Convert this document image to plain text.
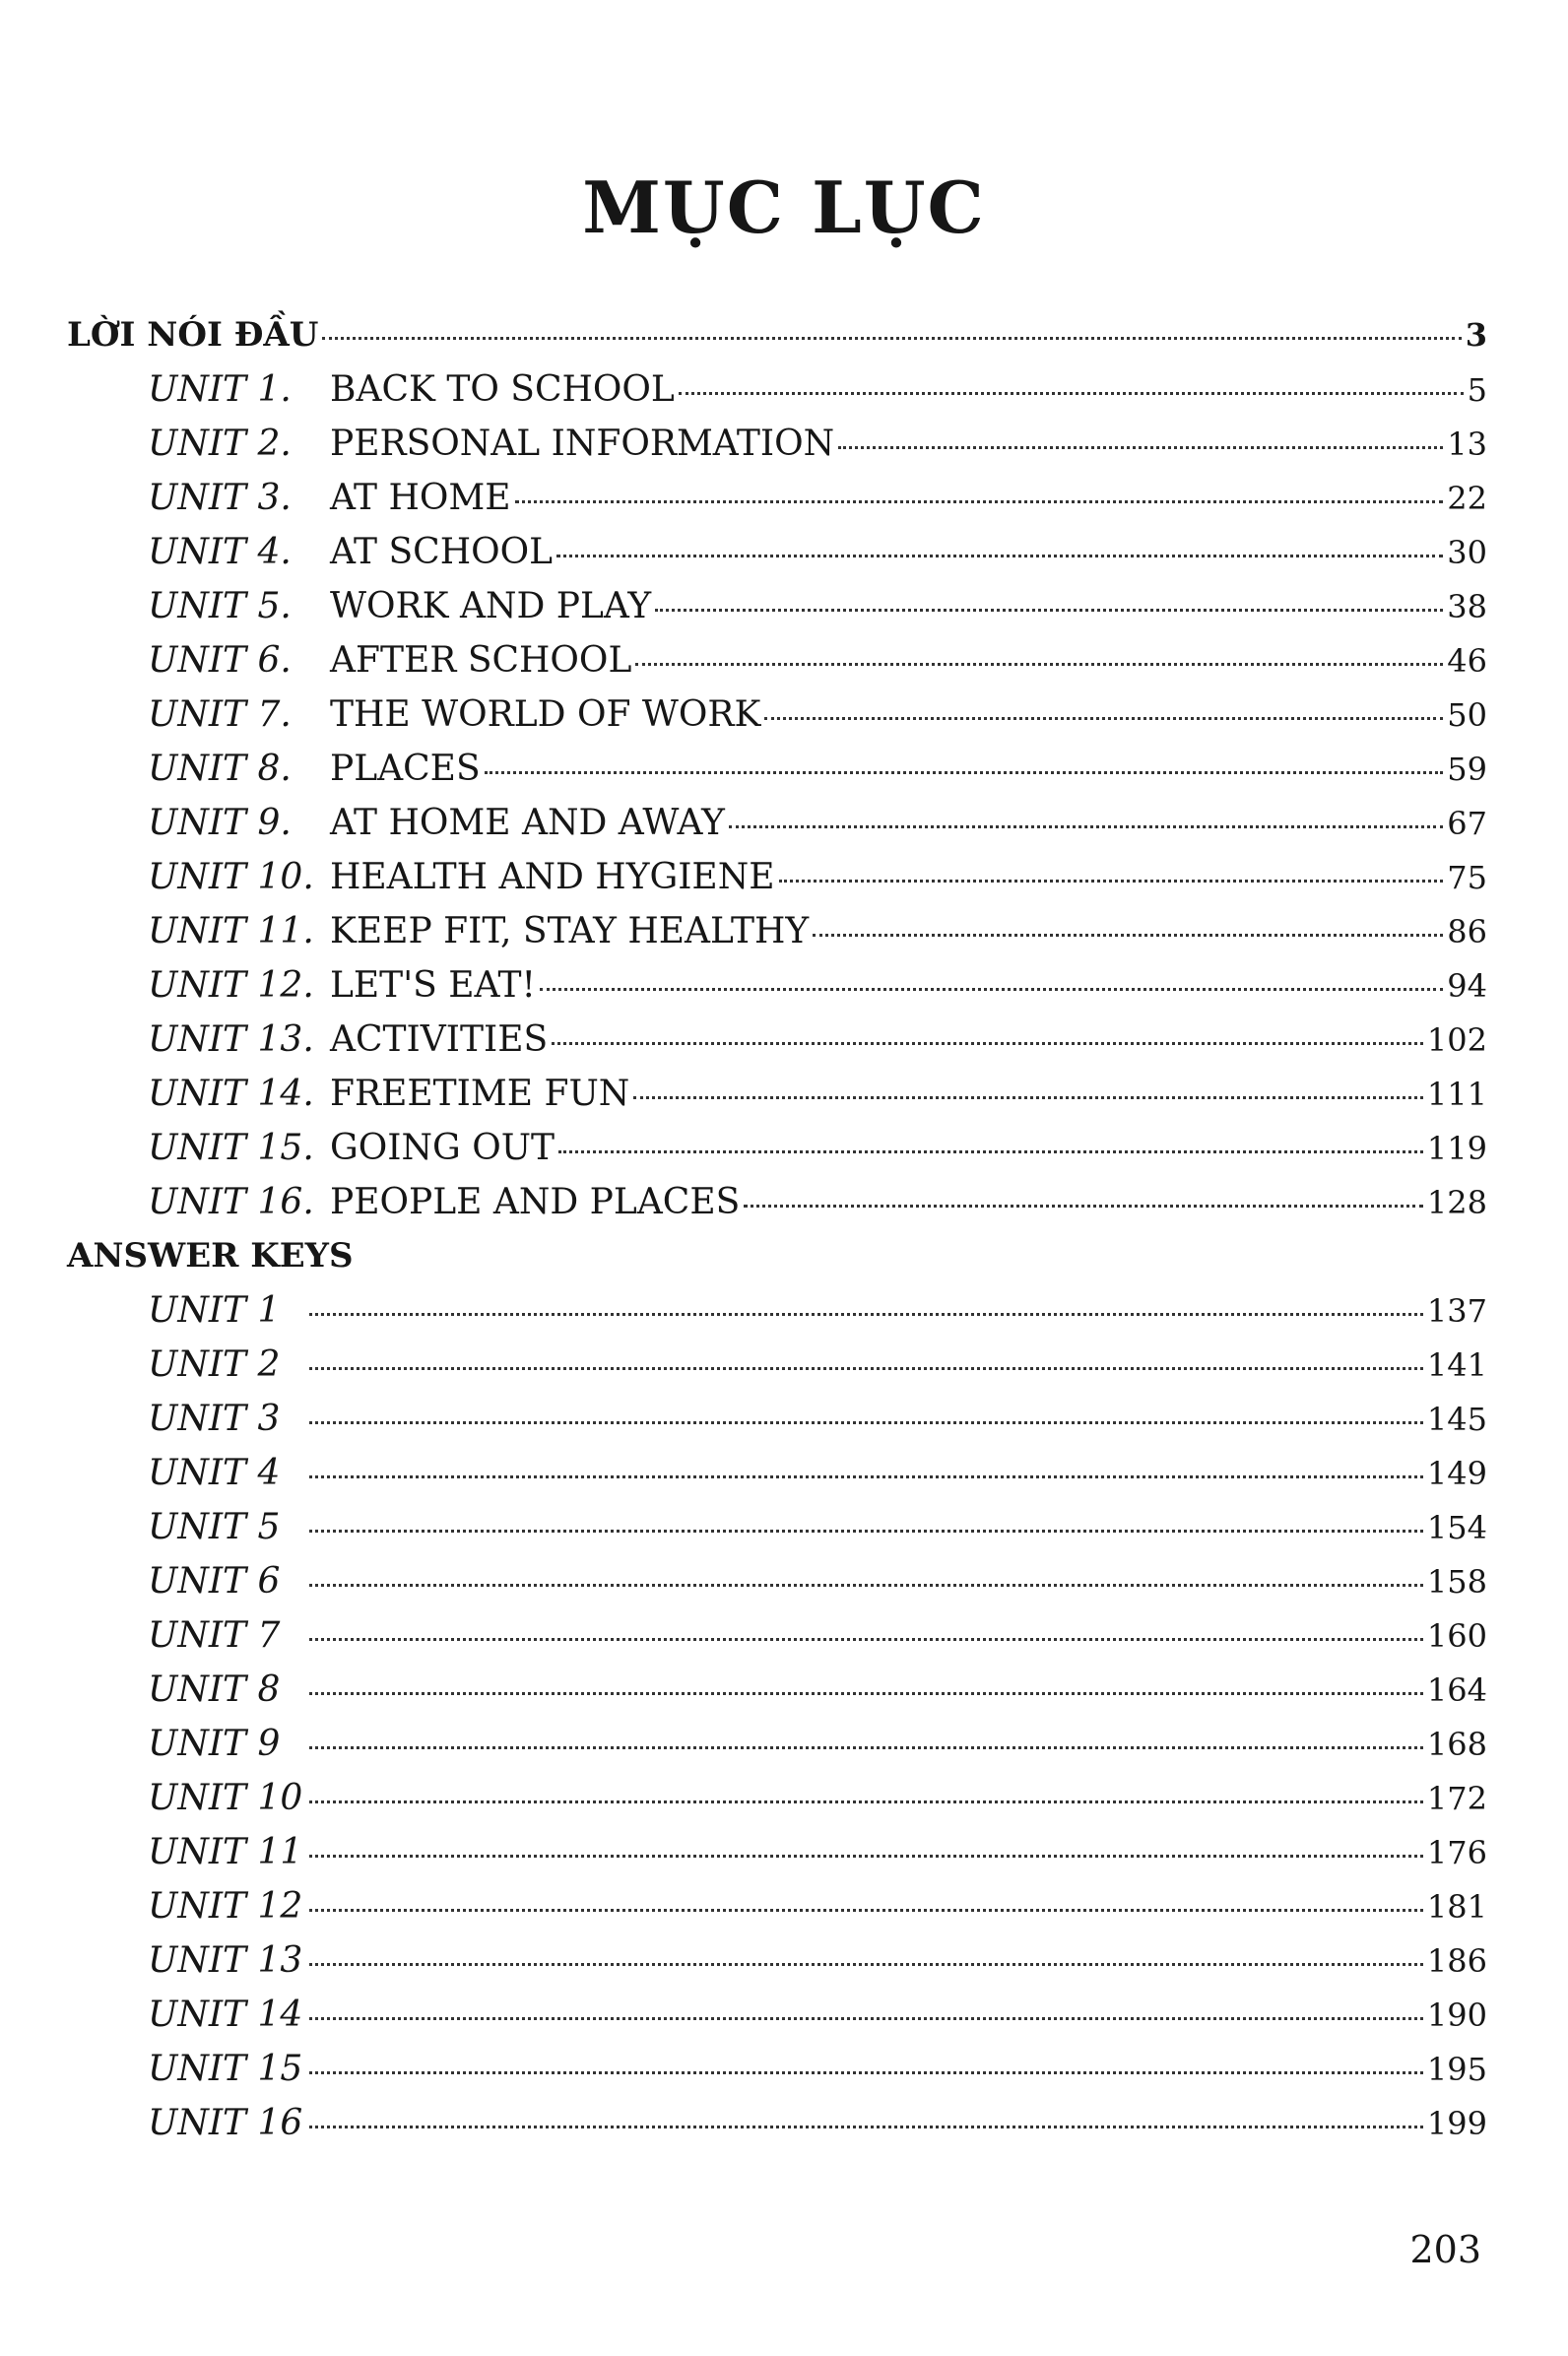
MỤC LỤC
LỜI NÓI ĐẦU	3
UNIT 1.	BACK TO SCHOOL	5
UNIT 2.	PERSONAL INFORMATION	13
UNIT 3.	AT HOME	22
UNIT 4.	AT SCHOOL	30
UNIT 5.	WORK AND PLAY	38
UNIT 6.	AFTER SCHOOL	46
UNIT 7.	THE WORLD OF WORK	50
UNIT 8.	PLACES	59
UNIT 9.	AT HOME AND AWAY	67
UNIT 10. HEALTH AND HYGIENE	75
UNIT 11. KEEP FIT, STAY HEALTHY	86
UNIT 12. LET'S EAT!	94
UNIT 13. ACTIVITIES	102
UNIT 14. FREETIME FUN	111
UNIT 15. GOING OUT	119
UNIT 16. PEOPLE AND PLACES	128
ANSWER KEYS
UNIT 1	137
UNIT 2	141
UNIT 3	145
UNIT 4	149
UNIT 5	154
UNIT 6	158
UNIT 7	160
UNIT 8	164
UNIT 9	168
UNIT 10	172
UNIT 11	176
UNIT 12	181
UNIT 13	186
UNIT 14	190
UNIT 15	195
UNIT 16	199
203
